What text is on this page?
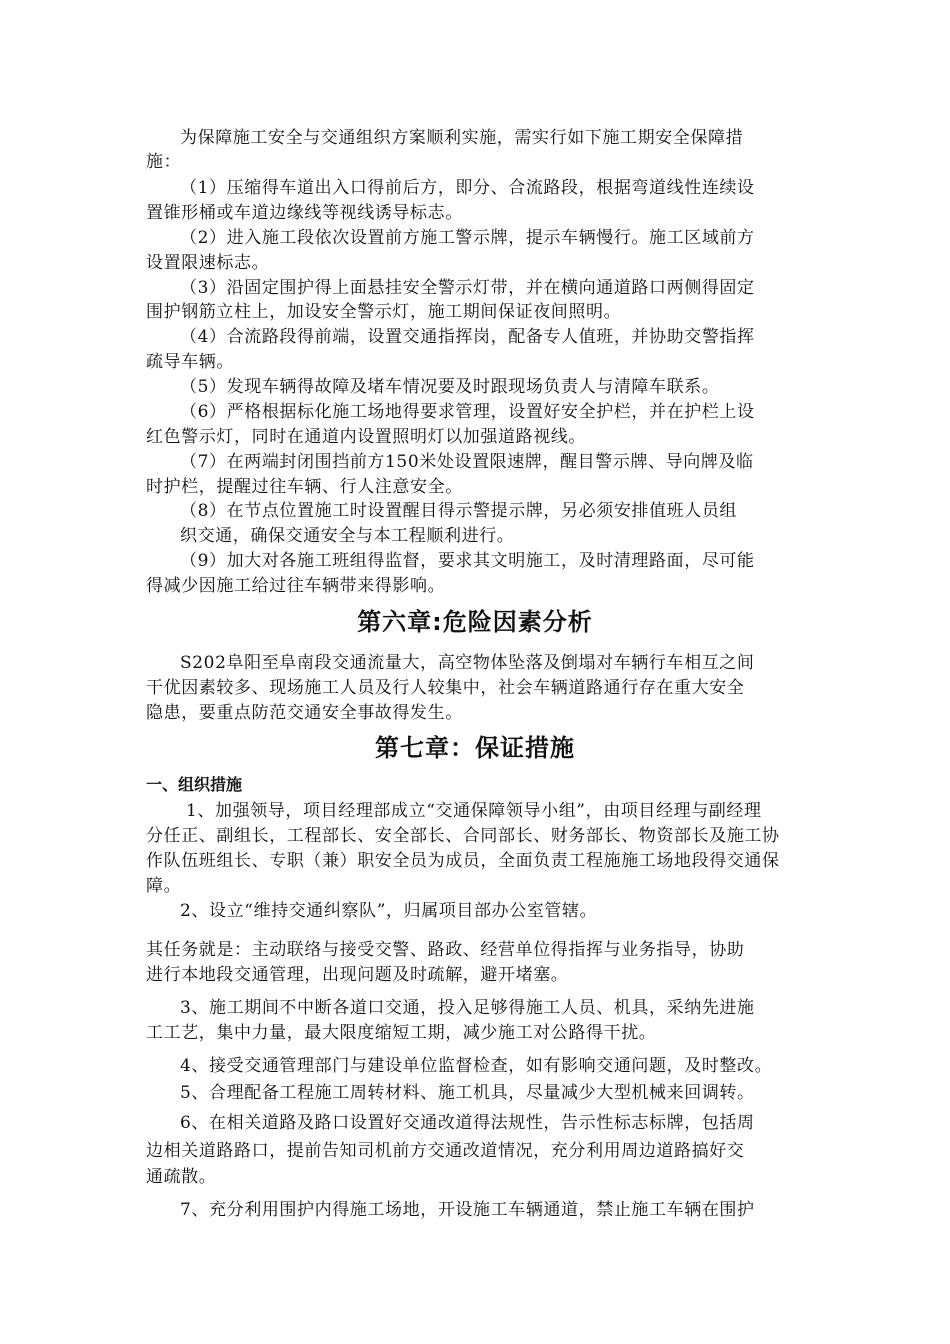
为保障施工安全与交通组织方案顺利实施，需实行如下施工期安全保障措
施：
（1）压缩得车道出入口得前后方，即分、合流路段，根据弯道线性连续设
置锥形桶或车道边缘线等视线诱导标志。
（2）进入施工段依次设置前方施工警示牌，提示车辆慢行。施工区域前方
设置限速标志。
（3）沿固定围护得上面悬挂安全警示灯带，并在横向通道路口两侧得固定
围护钢筋立柱上，加设安全警示灯，施工期间保证夜间照明。
（4）合流路段得前端，设置交通指挥岗，配备专人值班，并协助交警指挥
疏导车辆。
（5）发现车辆得故障及堵车情况要及时跟现场负责人与清障车联系。
（6）严格根据标化施工场地得要求管理，设置好安全护栏，并在护栏上设
红色警示灯，同时在通道内设置照明灯以加强道路视线。
（7）在两端封闭围挡前方150米处设置限速牌，醒目警示牌、导向牌及临
时护栏，提醒过往车辆、行人注意安全。
（8）在节点位置施工时设置醒目得示警提示牌，另必须安排值班人员组
织交通，确保交通安全与本工程顺利进行。
（9）加大对各施工班组得监督，要求其文明施工，及时清理路面，尽可能
得减少因施工给过往车辆带来得影响。
第六章:危险因素分析
S202阜阳至阜南段交通流量大，高空物体坠落及倒塌对车辆行车相互之间
干优因素较多、现场施工人员及行人较集中，社会车辆道路通行存在重大安全
隐患，要重点防范交通安全事故得发生。
第七章：保证措施
一、组织措施
1、加强领导，项目经理部成立“交通保障领导小组”，由项目经理与副经理
分任正、副组长，工程部长、安全部长、合同部长、财务部长、物资部长及施工协
作队伍班组长、专职（兼）职安全员为成员，全面负责工程施施工场地段得交通保
障。
2、设立“维持交通纠察队”，归属项目部办公室管辖。
其任务就是：主动联络与接受交警、路政、经营单位得指挥与业务指导，协助
进行本地段交通管理，出现问题及时疏解，避开堵塞。
3、施工期间不中断各道口交通，投入足够得施工人员、机具，采纳先进施
工工艺，集中力量，最大限度缩短工期，减少施工对公路得干扰。
4、接受交通管理部门与建设单位监督检查，如有影响交通问题，及时整改。
5、合理配备工程施工周转材料、施工机具，尽量减少大型机械来回调转。
6、在相关道路及路口设置好交通改道得法规性，告示性标志标牌，包括周
边相关道路路口，提前告知司机前方交通改道情况，充分利用周边道路搞好交
通疏散。
7、充分利用围护内得施工场地，开设施工车辆通道，禁止施工车辆在围护
